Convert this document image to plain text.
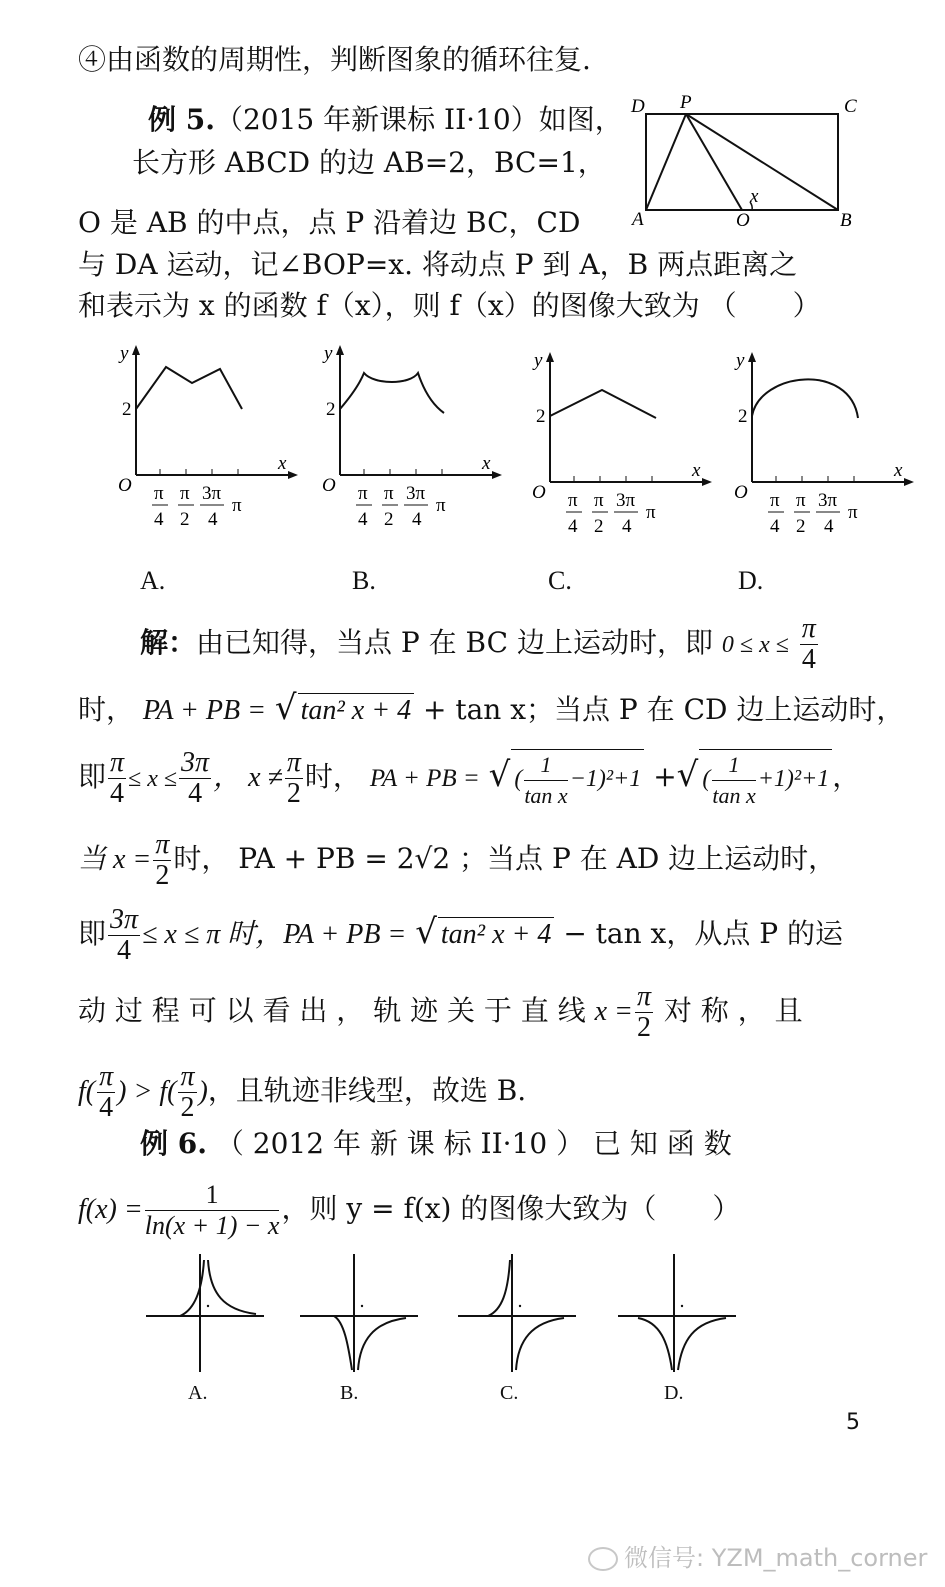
④由函数的周期性，判断图象的循环往复.
例 5.（2015 年新课标 II·10）如图，
长方形 ABCD 的边 AB=2，BC=1，
O 是 AB 的中点，点 P 沿着边 BC，CD
与 DA 运动，记∠BOP=x. 将动点 P 到 A，B 两点距离之
和表示为 x 的函数 f（x），则 f（x）的图像大致为 （　　）
D P	C
A	O	B
x
y
x
O
2
π
4
π
2
3π
4
π
y
x
O
2
π
4
π
2
3π
4
π
y
x
O
2
π
4
π
2
3π
4
π
y
x
O
2
π
4
π
2
3π
4
π
A.	B.	C.	D.
解：由已知得，当点 P 在 BC 边上运动时，即 $0 \le x \le \frac{\pi}{4}$
时， PA + PB = √ tan² x + 4 + tan x；当点 P 在 CD 边上运动时，
即 $\frac{\pi}{4} \le x \le \frac{3\pi}{4}$ ， $x \ne \frac{\pi}{2}$ 时， PA + PB = √ ( $\frac{1}{\text{tan x}} -1)^2+1$ +√ ( $\frac{1}{\text{tan x}} +1)^2+1$ ，
当 $x = \frac{\pi}{2}$ 时， PA + PB = 2√2 ；当点 P 在 AD 边上运动时，
即 $\frac{3\pi}{4} \le x \le \pi$ 时，PA + PB = √ tan² x + 4 − tan x，从点 P 的运
动 过 程 可 以 看 出 ， 轨 迹 关 于 直 线 $x = \frac{\pi}{2}$ 对 称 ， 且
$f( \frac{\pi}{4}$ ) > $f( \frac{\pi}{2}$ )，且轨迹非线型，故选 B.
例 6. （ 2012 年 新 课 标 II·10 ） 已 知 函 数
$f(x) = \frac{1}{\ln(x + 1) - x}$ ，则 y = f(x) 的图像大致为（　　）
A.	B.	C.	D.
5
微信号: YZM_math_corner
